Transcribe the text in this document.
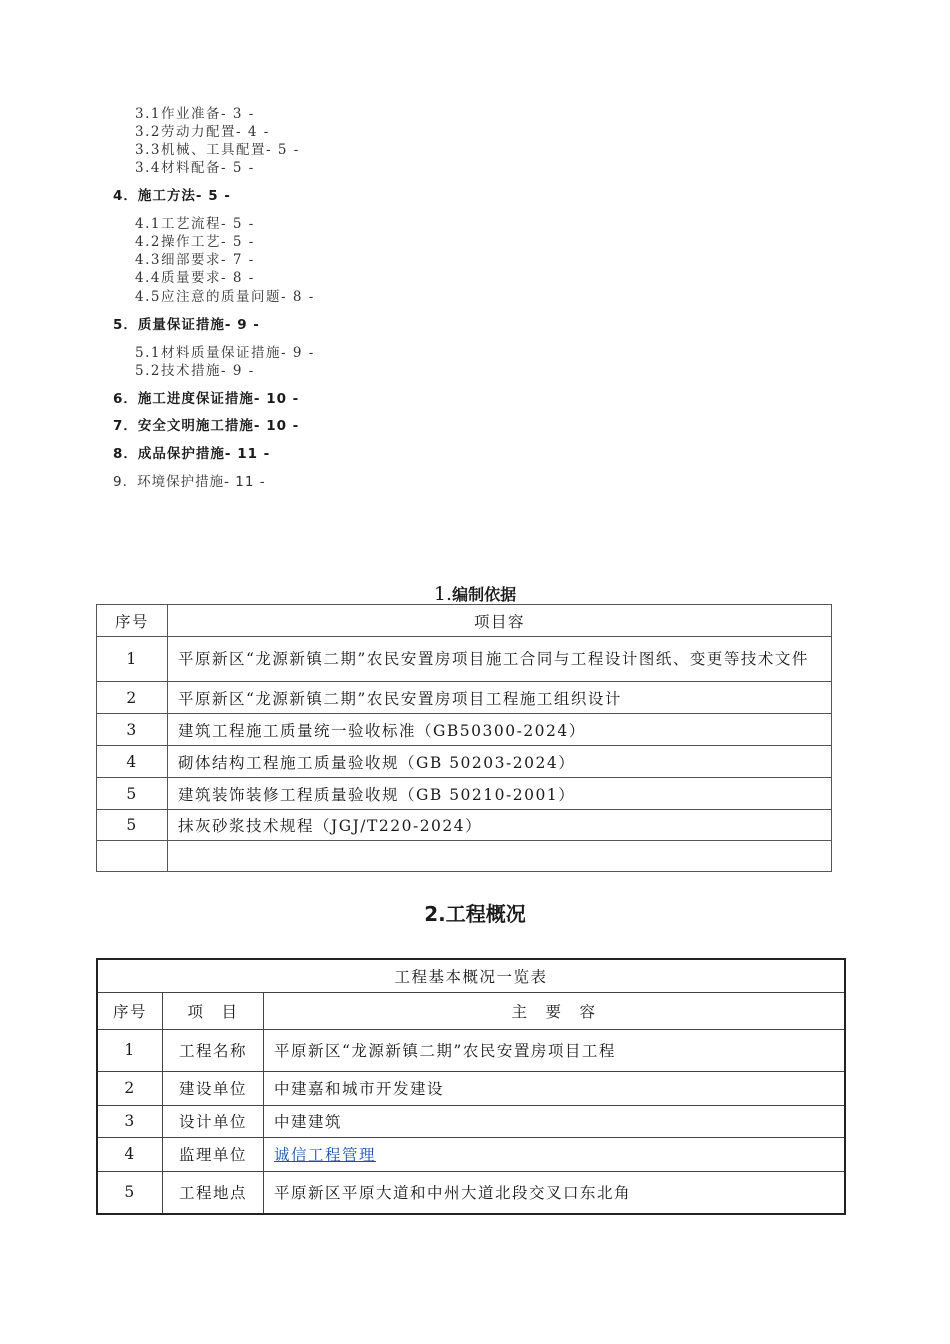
3.1作业准备- 3 -
3.2劳动力配置- 4 -
3.3机械、工具配置- 5 -
3.4材料配备- 5 -
4．施工方法- 5 -
4.1工艺流程- 5 -
4.2操作工艺- 5 -
4.3细部要求- 7 -
4.4质量要求- 8 -
4.5应注意的质量问题- 8 -
5．质量保证措施- 9 -
5.1材料质量保证措施- 9 -
5.2技术措施- 9 -
6．施工进度保证措施- 10 -
7．安全文明施工措施- 10 -
8．成品保护措施- 11 -
9．环境保护措施- 11 -
1.编制依据
序号	项目容
1	平原新区“龙源新镇二期”农民安置房项目施工合同与工程设计图纸、变更等技术文件
2	平原新区“龙源新镇二期”农民安置房项目工程施工组织设计
3	建筑工程施工质量统一验收标准（GB50300-2024）
4	砌体结构工程施工质量验收规（GB 50203-2024）
5	建筑装饰装修工程质量验收规（GB 50210-2001）
5	抹灰砂浆技术规程（JGJ/T220-2024）

2.工程概况
工程基本概况一览表		
序号	项　目	主　要　容
1	工程名称	平原新区“龙源新镇二期”农民安置房项目工程
2	建设单位	中建嘉和城市开发建设
3	设计单位	中建建筑
4	监理单位	诚信工程管理
5	工程地点	平原新区平原大道和中州大道北段交叉口东北角
